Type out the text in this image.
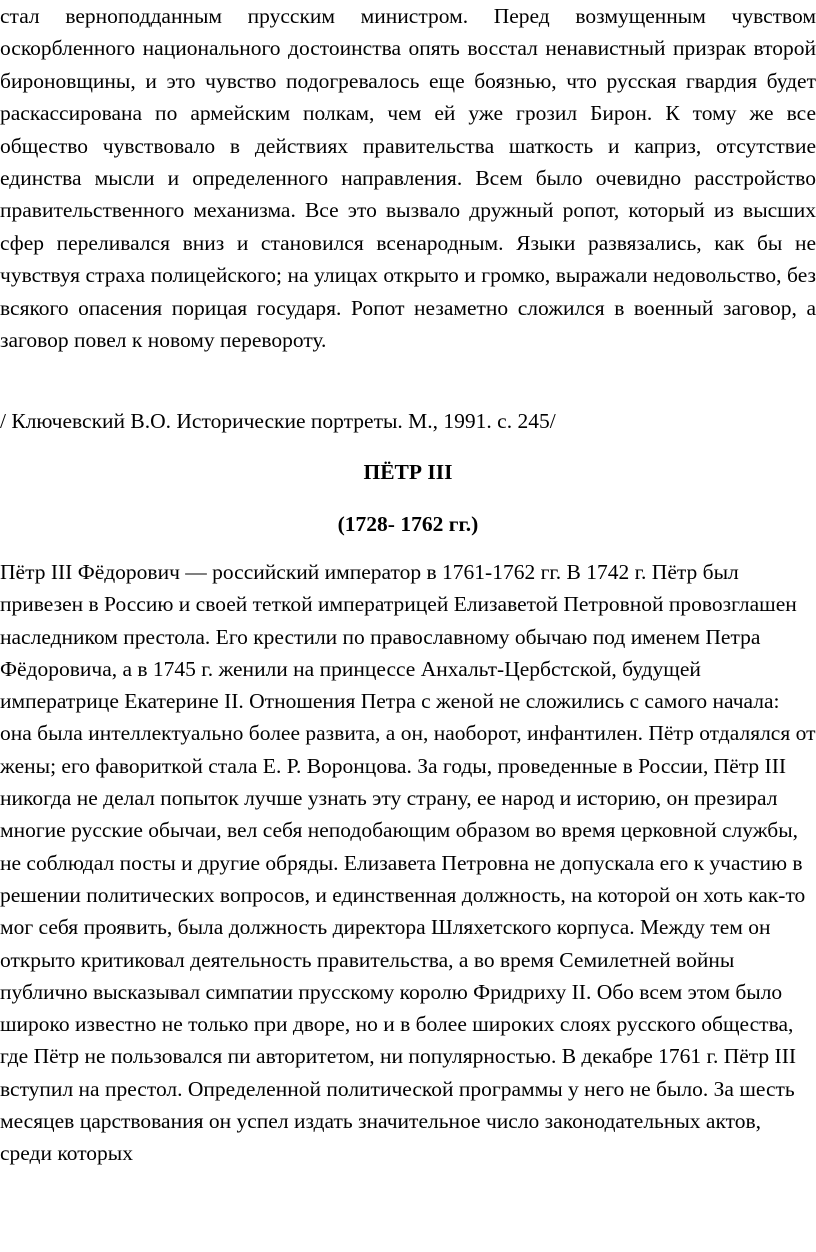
стал верноподданным прусским министром. Перед возмущенным чувством оскорбленного национального достоинства опять восстал ненавистный призрак второй бироновщины, и это чувство подогревалось еще боязнью, что русская гвардия будет раскассирована по армейским полкам, чем ей уже грозил Бирон. К тому же все общество чувствовало в действиях правительства шаткость и каприз, отсутствие единства мысли и определенного направления. Всем было очевидно расстройство правительственного механизма. Все это вызвало дружный ропот, который из высших сфер переливался вниз и становился всенародным. Языки развязались, как бы не чувствуя страха полицейского; на улицах открыто и громко, выражали недовольство, без всякого опасения порицая государя. Ропот незаметно сложился в военный заговор, а заговор повел к новому перевороту.

/ Ключевский В.О. Исторические портреты. М., 1991. с. 245/

ПЁТР III
(1728- 1762 гг.)

Пётр III Фёдорович — российский император в 1761-1762 гг. В 1742 г. Пётр был привезен в Россию и своей теткой императрицей Елизаветой Петровной провозглашен наследником престола. Его крестили по православному обычаю под именем Петра Фёдоровича, а в 1745 г. женили на принцессе Анхальт-Цербстской, будущей императрице Екатерине II. Отношения Петра с женой не сложились с самого начала: она была интеллектуально более развита, а он, наоборот, инфантилен. Пётр отдалялся от жены; его фавориткой стала Е. Р. Воронцова. За годы, проведенные в России, Пётр III никогда не делал попыток лучше узнать эту страну, ее народ и историю, он презирал многие русские обычаи, вел себя неподобающим образом во время церковной службы, не соблюдал посты и другие обряды. Елизавета Петровна не допускала его к участию в решении политических вопросов, и единственная должность, на которой он хоть как-то мог себя проявить, была должность директора Шляхетского корпуса. Между тем он открыто критиковал деятельность правительства, а во время Семилетней войны публично высказывал симпатии прусскому королю Фридриху II. Обо всем этом было широко известно не только при дворе, но и в более широких слоях русского общества, где Пётр не пользовался пи авторитетом, ни популярностью. В декабре 1761 г. Пётр III вступил на престол. Определенной политической программы у него не было. За шесть месяцев царствования он успел издать значительное число законодательных актов, среди которых
